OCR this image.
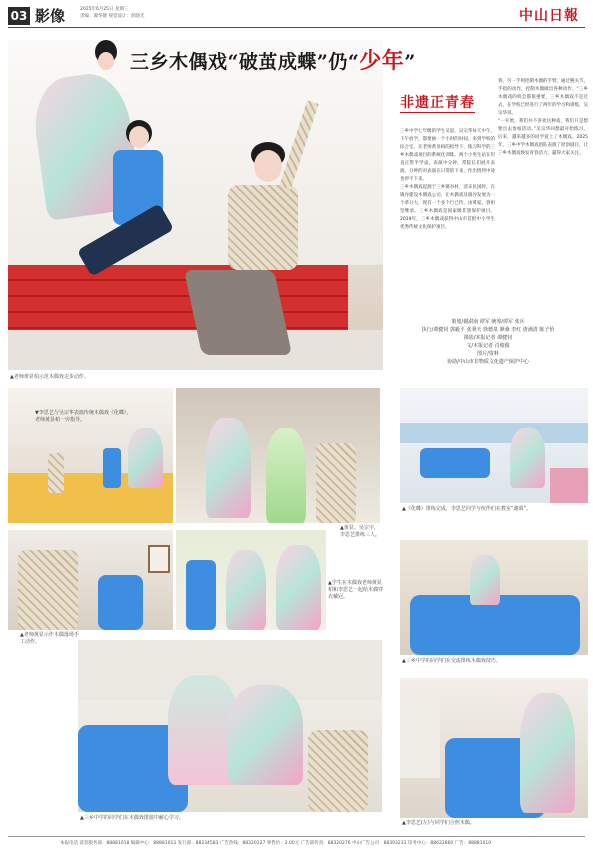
03 影像	2025年6月25日 星期三
责编：谭华键 视觉设计：彭晓光	中山日報
▲老师黄显柏示范木偶戏走步动作。
三乡木偶戏“破茧成蝶”仍“少年”
非遗正青春

三乡中学七年级的学生吴思、吴宗华每天中午，下午放学，都要抽一个小时的时间，来到学校的综合室，在老师黄显柏的指导下，练习科学的三乡木偶戏项目的系统化训练。两个小男生站在坦直正带半学桌，表演中分钟，常院长们展开表演，分钟的对表演在日常的下来，作出情到中途也停不下来。

三乡木偶戏起源于三乡镇谷村，清末民国时，在镇谷建设木偶戏公司，让木偶戏及镇谷发展为一个辈分大，现有一个多个行已传，由黄家、曾祖坚继承。三乡木偶戏是国家级非遗保护项目。2019年，三乡木偶戏获得中山市首批中小学生优秀传统文化保护项目。

将、另一手则控制木偶的手臂，通过腕关节、手指的动作，控制木偶做出各种动作。“三乡木偶戏的机会都很重要，三乡木偶戏不是过去，在学校已经进行了两年的学习和训练，吴宗华说。

“一开始，我们并不喜欢这种戏，我们只是想要出去参加活动。”吴宗华回想最开始练习。后来，越来越多的同学爱上了木偶戏。2025年，三乡中学木偶戏团队表演了原创剧目，让三乡木偶戏焕发青春活力，赢得大家关注。

策划/谢澍南 谭军 统筹/谭军 张兵
执行/谭健钊 郭毅平 张秉天 徐德泉 颜桑 李红 唐满清 陈子怡
摄影/本报记者 谭健钊
文/本报记者 肖俊俊
图片/资料
协助/中山市非物质文化遗产保护中心
▼李思艺与吴宗华表演传统木偶戏《化蝶》，老师黄显柏一旁指导。
▲黄显、吴宗宇，李思艺排练三人。
▲《化蝶》排练完成，李思艺同学与伙伴们在教室“谢幕”。
▲老师黄显示作木偶落场手工动作。
▲学生在木偶戏老师黄显柏和李思艺一起给木偶穿衣戴冠。
▲三乡中学的同学们在交流排练木偶戏技巧。
▲三乡中学的同学们在木偶戏排演中耐心学习。
▲李思艺(左)与同学们合照木偶。
本报电话 读者服务部：88881018 编辑中心：88881013 发行部：88234583 广告热线：88320127 零售价：2.00元 广告部传真：88320276 中山广告公司：88393231 印务中心：88622860 广告：88881010
